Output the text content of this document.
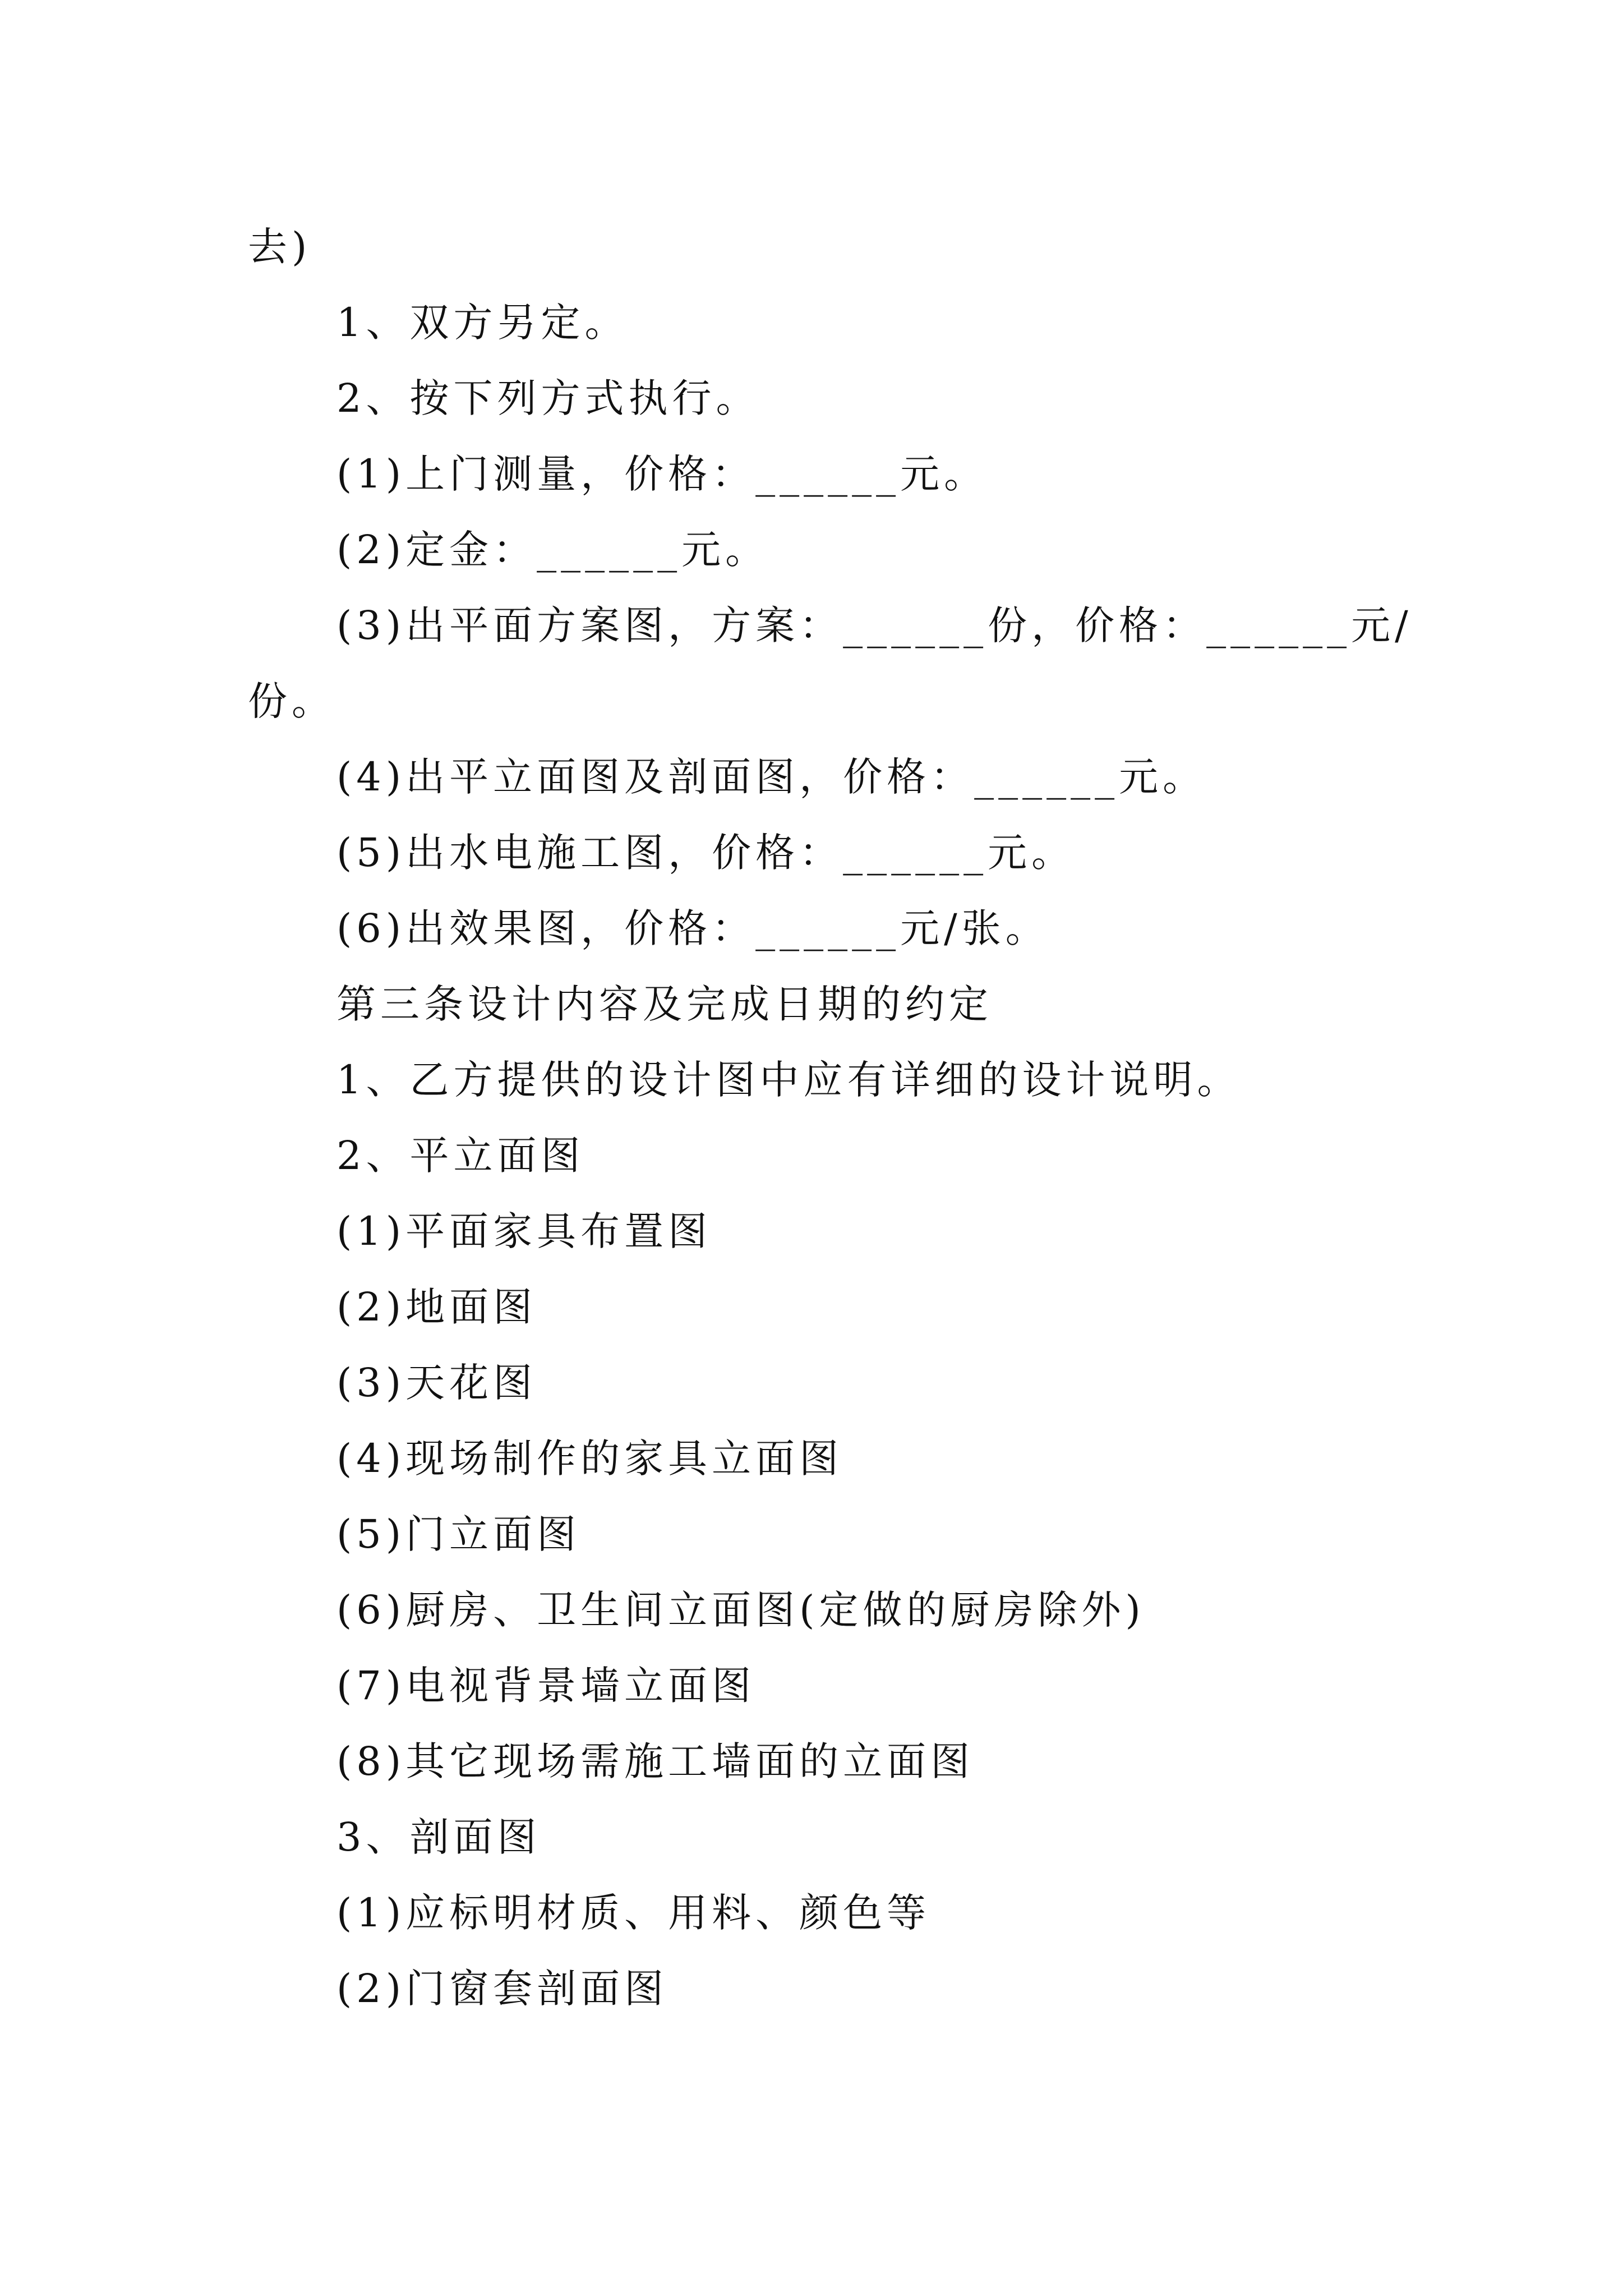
去)
1、双方另定。
2、按下列方式执行。
(1)上门测量，价格：______元。
(2)定金：______元。
(3)出平面方案图，方案：______份，价格：______元/
份。
(4)出平立面图及剖面图，价格：______元。
(5)出水电施工图，价格：______元。
(6)出效果图，价格：______元/张。
第三条设计内容及完成日期的约定
1、乙方提供的设计图中应有详细的设计说明。
2、平立面图
(1)平面家具布置图
(2)地面图
(3)天花图
(4)现场制作的家具立面图
(5)门立面图
(6)厨房、卫生间立面图(定做的厨房除外)
(7)电视背景墙立面图
(8)其它现场需施工墙面的立面图
3、剖面图
(1)应标明材质、用料、颜色等
(2)门窗套剖面图
